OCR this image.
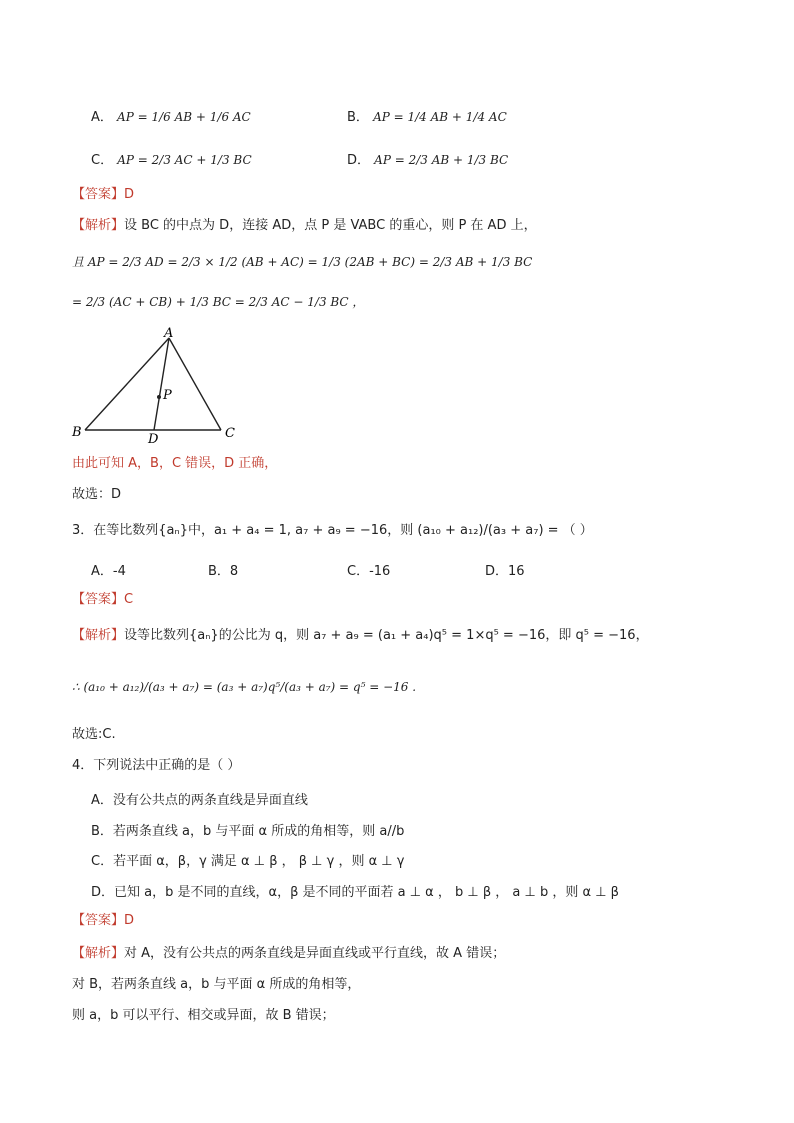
A． AP = 1/6 AB + 1/6 AC	B． AP = 1/4 AB + 1/4 AC
C． AP = 2/3 AC + 1/3 BC	D． AP = 2/3 AB + 1/3 BC
【答案】D
【解析】设 BC 的中点为 D，连接 AD，点 P 是 VABC 的重心，则 P 在 AD 上，
且 AP = 2/3 AD = 2/3 × 1/2 (AB + AC) = 1/3 (2AB + BC) = 2/3 AB + 1/3 BC
= 2/3 (AC + CB) + 1/3 BC = 2/3 AC − 1/3 BC ，
A
B	C
D
P
由此可知 A，B，C 错误，D 正确，
故选：D
3．在等比数列{aₙ}中，a₁ + a₄ = 1, a₇ + a₉ = −16，则 (a₁₀ + a₁₂)/(a₃ + a₇) = （ ）
A．-4	B．8	C．-16	D．16
【答案】C
【解析】设等比数列{aₙ}的公比为 q，则 a₇ + a₉ = (a₁ + a₄)q⁵ = 1×q⁵ = −16，即 q⁵ = −16，
∴ (a₁₀ + a₁₂)/(a₃ + a₇) = (a₃ + a₇)q⁵/(a₃ + a₇) = q⁵ = −16 .
故选:C.
4．下列说法中正确的是（ ）
A．没有公共点的两条直线是异面直线
B．若两条直线 a，b 与平面 α 所成的角相等，则 a//b
C．若平面 α，β，γ 满足 α ⊥ β ， β ⊥ γ ，则 α ⊥ γ
D．已知 a，b 是不同的直线，α，β 是不同的平面若 a ⊥ α ， b ⊥ β ， a ⊥ b ，则 α ⊥ β
【答案】D
【解析】对 A，没有公共点的两条直线是异面直线或平行直线，故 A 错误；
对 B，若两条直线 a，b 与平面 α 所成的角相等，
则 a，b 可以平行、相交或异面，故 B 错误；
